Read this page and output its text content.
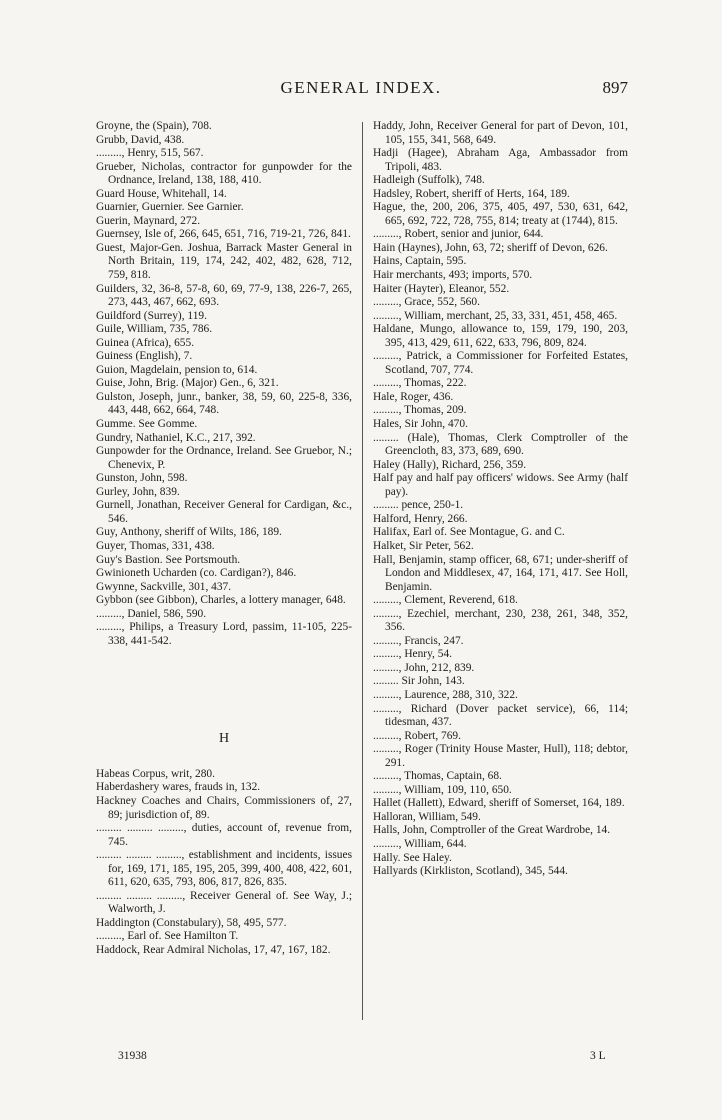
GENERAL INDEX.	897
Groyne, the (Spain), 708.
Grubb, David, 438.
........., Henry, 515, 567.
Grueber, Nicholas, contractor for gunpowder for the Ordnance, Ireland, 138, 188, 410.
Guard House, Whitehall, 14.
Guarnier, Guernier. See Garnier.
Guerin, Maynard, 272.
Guernsey, Isle of, 266, 645, 651, 716, 719-21, 726, 841.
Guest, Major-Gen. Joshua, Barrack Master General in North Britain, 119, 174, 242, 402, 482, 628, 712, 759, 818.
Guilders, 32, 36-8, 57-8, 60, 69, 77-9, 138, 226-7, 265, 273, 443, 467, 662, 693.
Guildford (Surrey), 119.
Guile, William, 735, 786.
Guinea (Africa), 655.
Guiness (English), 7.
Guion, Magdelain, pension to, 614.
Guise, John, Brig. (Major) Gen., 6, 321.
Gulston, Joseph, junr., banker, 38, 59, 60, 225-8, 336, 443, 448, 662, 664, 748.
Gumme. See Gomme.
Gundry, Nathaniel, K.C., 217, 392.
Gunpowder for the Ordnance, Ireland. See Gruebor, N.; Chenevix, P.
Gunston, John, 598.
Gurley, John, 839.
Gurnell, Jonathan, Receiver General for Cardigan, &c., 546.
Guy, Anthony, sheriff of Wilts, 186, 189.
Guyer, Thomas, 331, 438.
Guy's Bastion. See Portsmouth.
Gwinioneth Ucharden (co. Cardigan?), 846.
Gwynne, Sackville, 301, 437.
Gybbon (see Gibbon), Charles, a lottery manager, 648.
........., Daniel, 586, 590.
........., Philips, a Treasury Lord, passim, 11-105, 225-338, 441-542.
H
Habeas Corpus, writ, 280.
Haberdashery wares, frauds in, 132.
Hackney Coaches and Chairs, Commissioners of, 27, 89; jurisdiction of, 89.
......... ......... ........., duties, account of, revenue from, 745.
......... ......... ........., establishment and incidents, issues for, 169, 171, 185, 195, 205, 399, 400, 408, 422, 601, 611, 620, 635, 793, 806, 817, 826, 835.
......... ......... ........., Receiver General of. See Way, J.; Walworth, J.
Haddington (Constabulary), 58, 495, 577.
........., Earl of. See Hamilton T.
Haddock, Rear Admiral Nicholas, 17, 47, 167, 182.
Haddy, John, Receiver General for part of Devon, 101, 105, 155, 341, 568, 649.
Hadji (Hagee), Abraham Aga, Ambassador from Tripoli, 483.
Hadleigh (Suffolk), 748.
Hadsley, Robert, sheriff of Herts, 164, 189.
Hague, the, 200, 206, 375, 405, 497, 530, 631, 642, 665, 692, 722, 728, 755, 814; treaty at (1744), 815.
........., Robert, senior and junior, 644.
Hain (Haynes), John, 63, 72; sheriff of Devon, 626.
Hains, Captain, 595.
Hair merchants, 493; imports, 570.
Haiter (Hayter), Eleanor, 552.
........., Grace, 552, 560.
........., William, merchant, 25, 33, 331, 451, 458, 465.
Haldane, Mungo, allowance to, 159, 179, 190, 203, 395, 413, 429, 611, 622, 633, 796, 809, 824.
........., Patrick, a Commissioner for Forfeited Estates, Scotland, 707, 774.
........., Thomas, 222.
Hale, Roger, 436.
........., Thomas, 209.
Hales, Sir John, 470.
......... (Hale), Thomas, Clerk Comptroller of the Greencloth, 83, 373, 689, 690.
Haley (Hally), Richard, 256, 359.
Half pay and half pay officers' widows. See Army (half pay).
......... pence, 250-1.
Halford, Henry, 266.
Halifax, Earl of. See Montague, G. and C.
Halket, Sir Peter, 562.
Hall, Benjamin, stamp officer, 68, 671; under-sheriff of London and Middlesex, 47, 164, 171, 417. See Holl, Benjamin.
........., Clement, Reverend, 618.
........., Ezechiel, merchant, 230, 238, 261, 348, 352, 356.
........., Francis, 247.
........., Henry, 54.
........., John, 212, 839.
......... Sir John, 143.
........., Laurence, 288, 310, 322.
........., Richard (Dover packet service), 66, 114; tidesman, 437.
........., Robert, 769.
........., Roger (Trinity House Master, Hull), 118; debtor, 291.
........., Thomas, Captain, 68.
........., William, 109, 110, 650.
Hallet (Hallett), Edward, sheriff of Somerset, 164, 189.
Halloran, William, 549.
Halls, John, Comptroller of the Great Wardrobe, 14.
........., William, 644.
Hally. See Haley.
Hallyards (Kirkliston, Scotland), 345, 544.
31938	3 L
